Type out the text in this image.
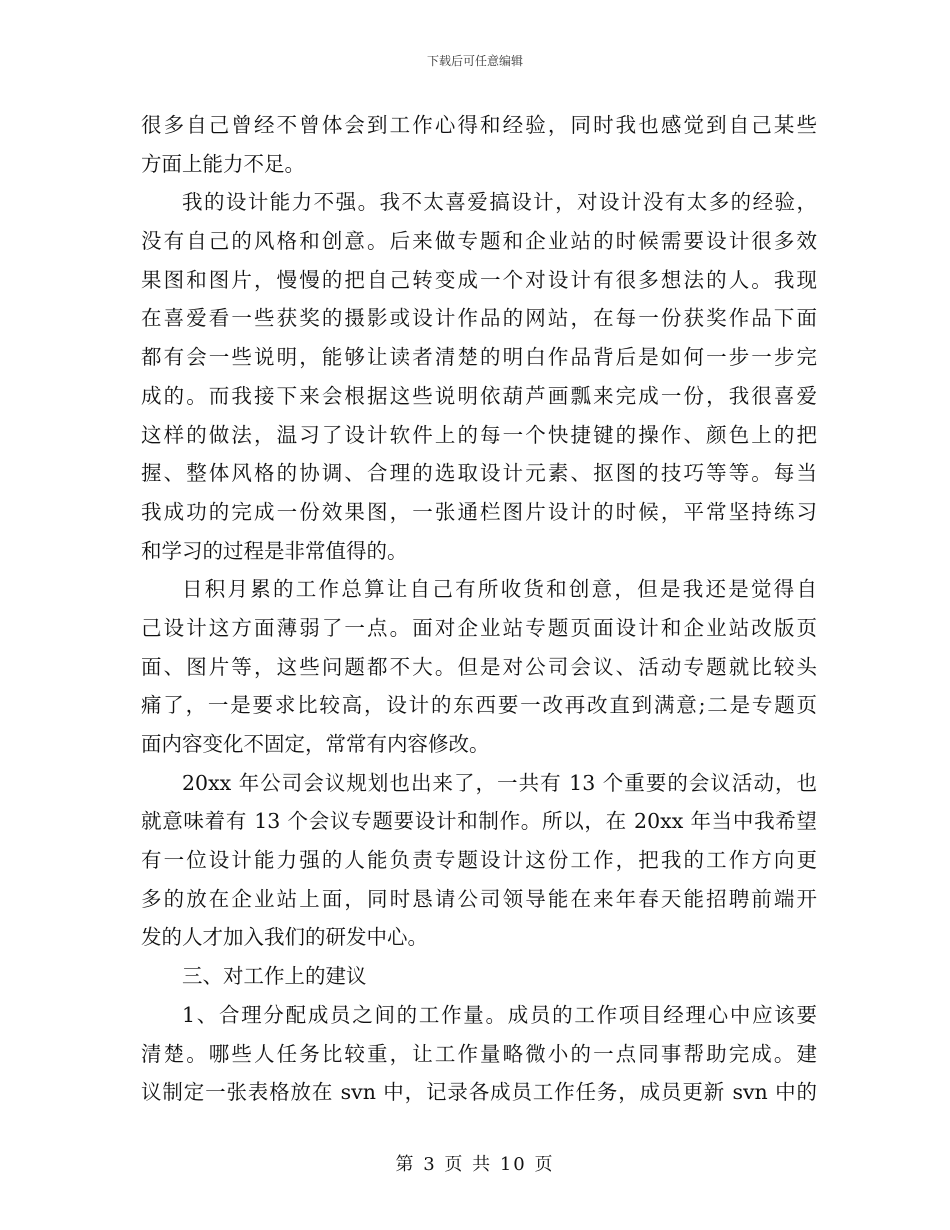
下载后可任意编辑
很多自己曾经不曾体会到工作心得和经验，同时我也感觉到自己某些
方面上能力不足。
我的设计能力不强。我不太喜爱搞设计，对设计没有太多的经验，
没有自己的风格和创意。后来做专题和企业站的时候需要设计很多效
果图和图片，慢慢的把自己转变成一个对设计有很多想法的人。我现
在喜爱看一些获奖的摄影或设计作品的网站，在每一份获奖作品下面
都有会一些说明，能够让读者清楚的明白作品背后是如何一步一步完
成的。而我接下来会根据这些说明依葫芦画瓢来完成一份，我很喜爱
这样的做法，温习了设计软件上的每一个快捷键的操作、颜色上的把
握、整体风格的协调、合理的选取设计元素、抠图的技巧等等。每当
我成功的完成一份效果图，一张通栏图片设计的时候，平常坚持练习
和学习的过程是非常值得的。
日积月累的工作总算让自己有所收货和创意，但是我还是觉得自
己设计这方面薄弱了一点。面对企业站专题页面设计和企业站改版页
面、图片等，这些问题都不大。但是对公司会议、活动专题就比较头
痛了，一是要求比较高，设计的东西要一改再改直到满意;二是专题页
面内容变化不固定，常常有内容修改。
20xx 年公司会议规划也出来了，一共有 13 个重要的会议活动，也
就意味着有 13 个会议专题要设计和制作。所以，在 20xx 年当中我希望
有一位设计能力强的人能负责专题设计这份工作，把我的工作方向更
多的放在企业站上面，同时恳请公司领导能在来年春天能招聘前端开
发的人才加入我们的研发中心。
三、对工作上的建议
1、合理分配成员之间的工作量。成员的工作项目经理心中应该要
清楚。哪些人任务比较重，让工作量略微小的一点同事帮助完成。建
议制定一张表格放在 svn 中，记录各成员工作任务，成员更新 svn 中的
第 3 页 共 10 页
